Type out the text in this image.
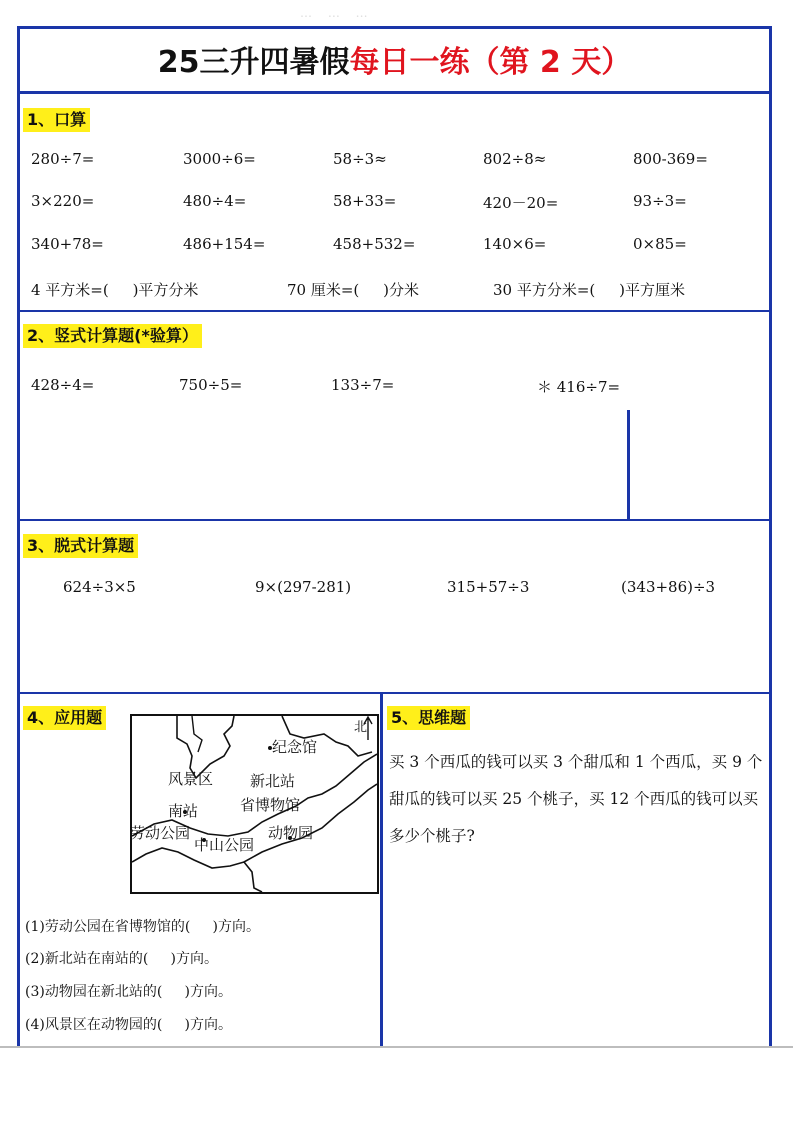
… … …
25三升四暑假 每日一练（第 2 天）
1、口算
280÷7=	3000÷6=	58÷3≈	802÷8≈	800-369=
3×220=	480÷4=	58+33=	420－20=	93÷3=
340+78=	486+154=	458+532=	140×6=	0×85=
4 平方米=(     )平方分米	70 厘米=(     )分米	30 平方分米=(     )平方厘米
2、竖式计算题(*验算）
428÷4=	750÷5=	133÷7=	＊ 416÷7=
3、脱式计算题
624÷3×5	9×(297-281)	315+57÷3	(343+86)÷3
4、应用题
纪念馆
风景区 新北站
南站	省博物馆
劳动公园
中山公园
动物园
北
(1)劳动公园在省博物馆的(     )方向。
(2)新北站在南站的(     )方向。
(3)动物园在新北站的(     )方向。
(4)风景区在动物园的(     )方向。
5、思维题
买 3 个西瓜的钱可以买 3 个甜瓜和 1 个西瓜，买 9 个甜瓜的钱可以买 25 个桃子，买 12 个西瓜的钱可以买多少个桃子?
